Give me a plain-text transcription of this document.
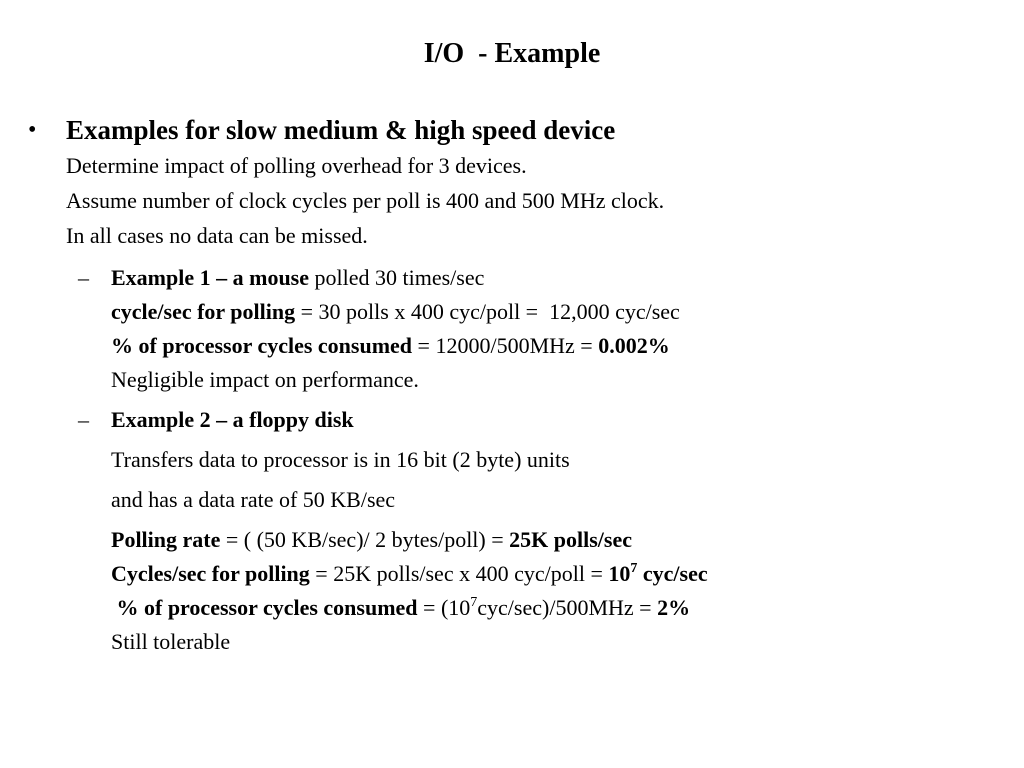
I/O  - Example
• Examples for slow medium & high speed device
Determine impact of polling overhead for 3 devices.
Assume number of clock cycles per poll is 400 and 500 MHz clock.
In all cases no data can be missed.
– Example 1 – a mouse polled 30 times/sec
cycle/sec for polling = 30 polls x 400 cyc/poll =  12,000 cyc/sec
% of processor cycles consumed = 12000/500MHz = 0.002%
Negligible impact on performance.
– Example 2 – a floppy disk
Transfers data to processor is in 16 bit (2 byte) units
and has a data rate of 50 KB/sec
Polling rate = ( (50 KB/sec)/ 2 bytes/poll) = 25K polls/sec
Cycles/sec for polling = 25K polls/sec x 400 cyc/poll = $10^7$ cyc/sec
% of processor cycles consumed = $(10^7cyc/\sec)/500MHz = 2\%$
Still tolerable
